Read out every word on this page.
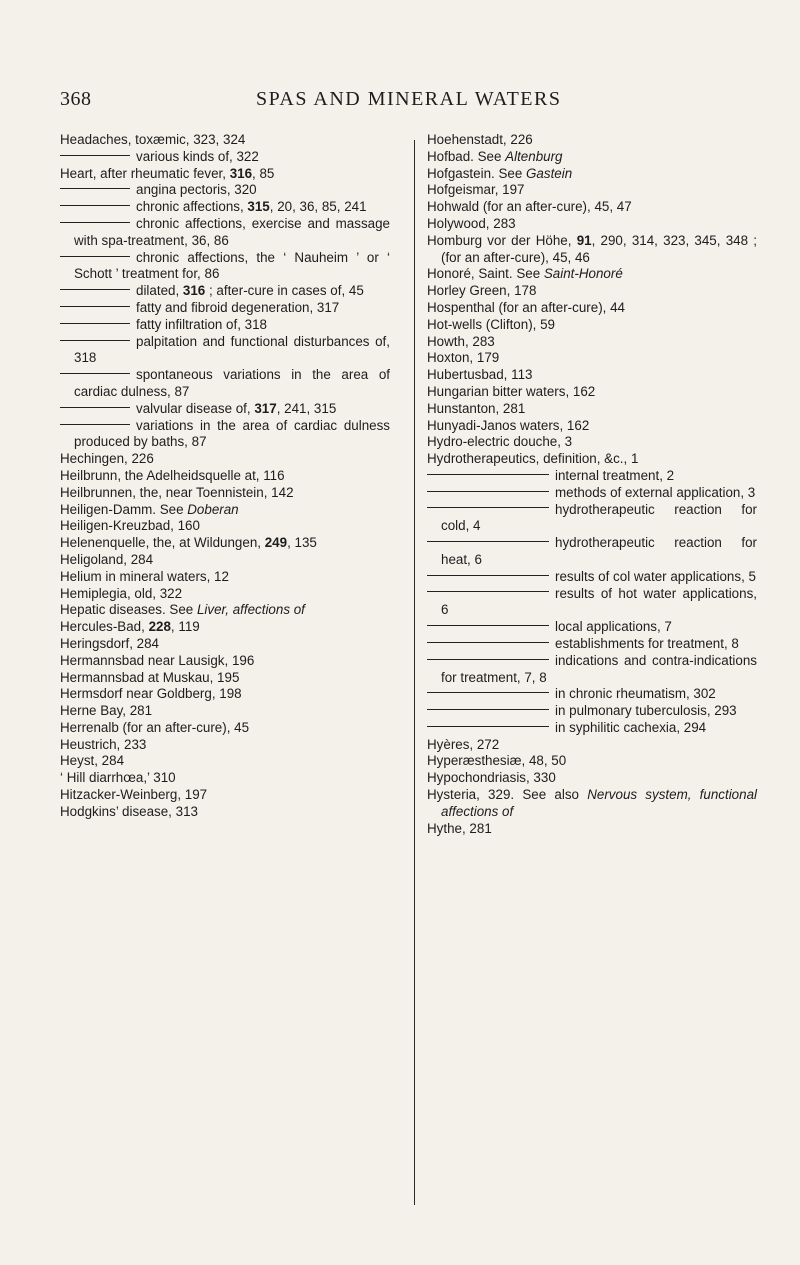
368	SPAS AND MINERAL WATERS
Headaches, toxæmic, 323, 324
various kinds of, 322
Heart, after rheumatic fever, 316, 85
angina pectoris, 320
chronic affections, 315, 20, 36, 85, 241
chronic affections, exercise and massage with spa-treatment, 36, 86
chronic affections, the ‘ Nauheim ’ or ‘ Schott ’ treatment for, 86
dilated, 316 ; after-cure in cases of, 45
fatty and fibroid degeneration, 317
fatty infiltration of, 318
palpitation and functional disturbances of, 318
spontaneous variations in the area of cardiac dulness, 87
valvular disease of, 317, 241, 315
variations in the area of cardiac dulness produced by baths, 87
Hechingen, 226
Heilbrunn, the Adelheidsquelle at, 116
Heilbrunnen, the, near Toennistein, 142
Heiligen-Damm. See Doberan
Heiligen-Kreuzbad, 160
Helenenquelle, the, at Wildungen, 249, 135
Heligoland, 284
Helium in mineral waters, 12
Hemiplegia, old, 322
Hepatic diseases. See Liver, affections of
Hercules-Bad, 228, 119
Heringsdorf, 284
Hermannsbad near Lausigk, 196
Hermannsbad at Muskau, 195
Hermsdorf near Goldberg, 198
Herne Bay, 281
Herrenalb (for an after-cure), 45
Heustrich, 233
Heyst, 284
‘ Hill diarrhœa,’ 310
Hitzacker-Weinberg, 197
Hodgkins’ disease, 313
Hoehenstadt, 226
Hofbad. See Altenburg
Hofgastein. See Gastein
Hofgeismar, 197
Hohwald (for an after-cure), 45, 47
Holywood, 283
Homburg vor der Höhe, 91, 290, 314, 323, 345, 348 ; (for an after-cure), 45, 46
Honoré, Saint. See Saint-Honoré
Horley Green, 178
Hospenthal (for an after-cure), 44
Hot-wells (Clifton), 59
Howth, 283
Hoxton, 179
Hubertusbad, 113
Hungarian bitter waters, 162
Hunstanton, 281
Hunyadi-Janos waters, 162
Hydro-electric douche, 3
Hydrotherapeutics, definition, &c., 1
internal treatment, 2
methods of external application, 3
hydrotherapeutic reaction for cold, 4
hydrotherapeutic reaction for heat, 6
results of col water applications, 5
results of hot water applications, 6
local applications, 7
establishments for treatment, 8
indications and contra-indications for treatment, 7, 8
in chronic rheumatism, 302
in pulmonary tuberculosis, 293
in syphilitic cachexia, 294
Hyères, 272
Hyperæsthesiæ, 48, 50
Hypochondriasis, 330
Hysteria, 329. See also Nervous system, functional affections of
Hythe, 281
